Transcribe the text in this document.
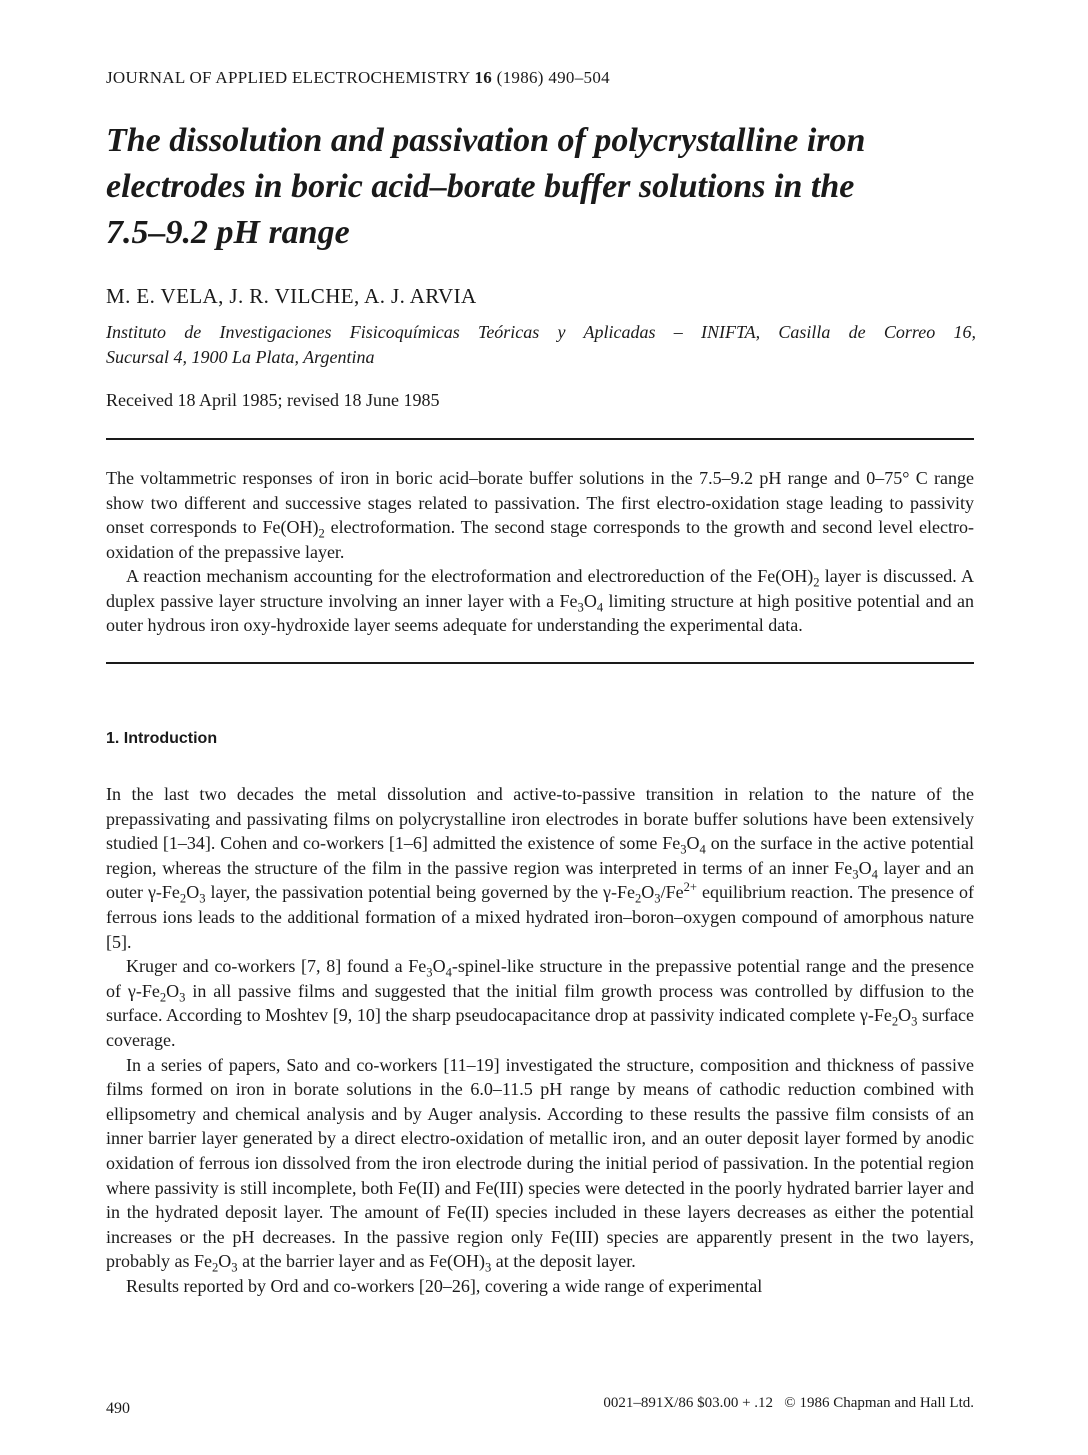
JOURNAL OF APPLIED ELECTROCHEMISTRY 16 (1986) 490–504
The dissolution and passivation of polycrystalline iron
electrodes in boric acid–borate buffer solutions in the
7.5–9.2 pH range
M. E. VELA, J. R. VILCHE, A. J. ARVIA
Instituto de Investigaciones Fisicoquímicas Teóricas y Aplicadas – INIFTA, Casilla de Correo 16,
Sucursal 4, 1900 La Plata, Argentina
Received 18 April 1985; revised 18 June 1985

The voltammetric responses of iron in boric acid–borate buffer solutions in the 7.5–9.2 pH range and 0–75° C range show two different and successive stages related to passivation. The first electro-oxidation stage leading to passivity onset corresponds to $Fe(OH)_2$ electroformation. The second stage corresponds to the growth and second level electro-oxidation of the prepassive layer.

A reaction mechanism accounting for the electroformation and electroreduction of the $Fe(OH)_2$ layer is discussed. A duplex passive layer structure involving an inner layer with a $Fe_3O_4$ limiting structure at high positive potential and an outer hydrous iron oxy-hydroxide layer seems adequate for understanding the experimental data.

1. Introduction

In the last two decades the metal dissolution and active-to-passive transition in relation to the nature of the prepassivating and passivating films on polycrystalline iron electrodes in borate buffer solutions have been extensively studied [1–34]. Cohen and co-workers [1–6] admitted the existence of some $Fe_3O_4$ on the surface in the active potential region, whereas the structure of the film in the passive region was interpreted in terms of an inner $Fe_3O_4$ layer and an outer $\gamma-Fe_2O_3$ layer, the passivation potential being governed by the $\gamma-Fe_2O_3/Fe^{2+}$ equilibrium reaction. The presence of ferrous ions leads to the additional formation of a mixed hydrated iron–boron–oxygen compound of amorphous nature [5].

Kruger and co-workers [7, 8] found a $Fe_3O_4-spinel$-like structure in the prepassive potential range and the presence of $\gamma-Fe_2O_3$ in all passive films and suggested that the initial film growth process was controlled by diffusion to the surface. According to Moshtev [9, 10] the sharp pseudocapacitance drop at passivity indicated complete $\gamma-Fe_2O_3$ surface coverage.

In a series of papers, Sato and co-workers [11–19] investigated the structure, composition and thickness of passive films formed on iron in borate solutions in the 6.0–11.5 pH range by means of cathodic reduction combined with ellipsometry and chemical analysis and by Auger analysis. According to these results the passive film consists of an inner barrier layer generated by a direct electro-oxidation of metallic iron, and an outer deposit layer formed by anodic oxidation of ferrous ion dissolved from the iron electrode during the initial period of passivation. In the potential region where passivity is still incomplete, both Fe(II) and Fe(III) species were detected in the poorly hydrated barrier layer and in the hydrated deposit layer. The amount of Fe(II) species included in these layers decreases as either the potential increases or the pH decreases. In the passive region only Fe(III) species are apparently present in the two layers, probably as $Fe_2O_3$ at the barrier layer and as $Fe(OH)_3$ at the deposit layer.

Results reported by Ord and co-workers [20–26], covering a wide range of experimental

490	0021–891X/86 $03.00 + .12 © 1986 Chapman and Hall Ltd.
